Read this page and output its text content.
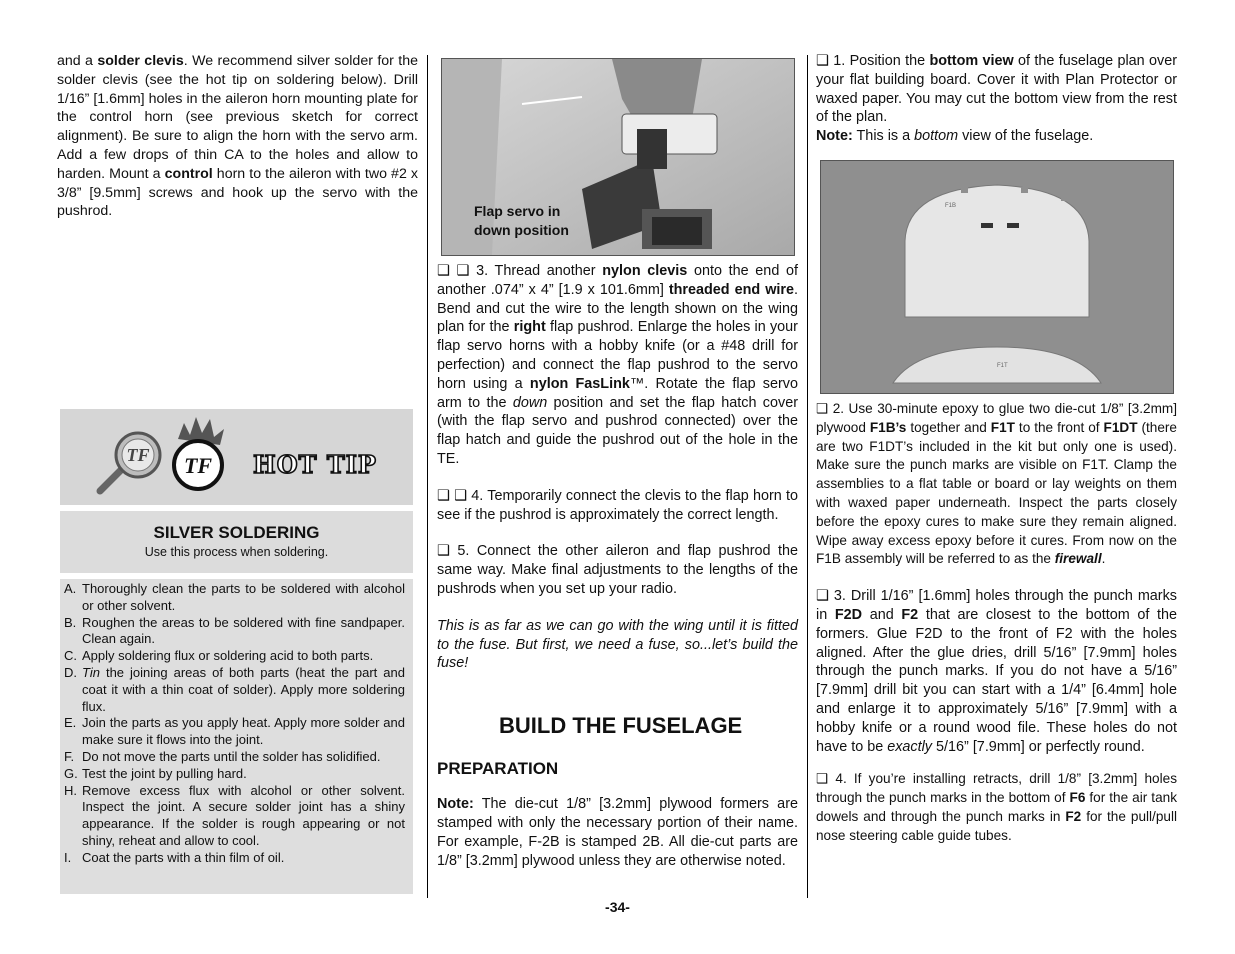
and a solder clevis. We recommend silver solder for the solder clevis (see the hot tip on soldering below). Drill 1/16” [1.6mm] holes in the aileron horn mounting plate for the control horn (see previous sketch for correct alignment). Be sure to align the horn with the servo arm. Add a few drops of thin CA to the holes and allow to harden. Mount a control horn to the aileron with two #2 x 3/8” [9.5mm] screws and hook up the servo with the pushrod.

TF TF HOT TIP
SILVER SOLDERING
Use this process when soldering.
A. Thoroughly clean the parts to be soldered with alcohol or other solvent.
B. Roughen the areas to be soldered with fine sandpaper. Clean again.
C. Apply soldering flux or soldering acid to both parts.
D. Tin the joining areas of both parts (heat the part and coat it with a thin coat of solder). Apply more soldering flux.
E. Join the parts as you apply heat. Apply more solder and make sure it flows into the joint.
F. Do not move the parts until the solder has solidified.
G. Test the joint by pulling hard.
H. Remove excess flux with alcohol or other solvent. Inspect the joint. A secure solder joint has a shiny appearance. If the solder is rough appearing or not shiny, reheat and allow to cool.
I. Coat the parts with a thin film of oil.
Flap servo in
down position

❑ ❑ 3. Thread another nylon clevis onto the end of another .074” x 4” [1.9 x 101.6mm] threaded end wire. Bend and cut the wire to the length shown on the wing plan for the right flap pushrod. Enlarge the holes in your flap servo horns with a hobby knife (or a #48 drill for perfection) and connect the flap pushrod to the servo horn using a nylon FasLink™. Rotate the flap servo arm to the down position and set the flap hatch cover (with the flap servo and pushrod connected) over the flap hatch and guide the pushrod out of the hole in the TE.

❑ ❑ 4. Temporarily connect the clevis to the flap horn to see if the pushrod is approximately the correct length.

❑ 5. Connect the other aileron and flap pushrod the same way. Make final adjustments to the lengths of the pushrods when you set up your radio.

This is as far as we can go with the wing until it is fitted to the fuse. But first, we need a fuse, so...let’s build the fuse!

BUILD THE FUSELAGE
PREPARATION

Note: The die-cut 1/8” [3.2mm] plywood formers are stamped with only the necessary portion of their name. For example, F-2B is stamped 2B. All die-cut parts are 1/8” [3.2mm] plywood unless they are otherwise noted.

❑ 1. Position the bottom view of the fuselage plan over your flat building board. Cover it with Plan Protector or waxed paper. You may cut the bottom view from the rest of the plan.

Note: This is a bottom view of the fuselage.

F1B
F1T

❑ 2. Use 30-minute epoxy to glue two die-cut 1/8” [3.2mm] plywood F1B’s together and F1T to the front of F1DT (there are two F1DT’s included in the kit but only one is used). Make sure the punch marks are visible on F1T. Clamp the assemblies to a flat table or board or lay weights on them with waxed paper underneath. Inspect the parts closely before the epoxy cures to make sure they remain aligned. Wipe away excess epoxy before it cures. From now on the F1B assembly will be referred to as the firewall.

❑ 3. Drill 1/16” [1.6mm] holes through the punch marks in F2D and F2 that are closest to the bottom of the formers. Glue F2D to the front of F2 with the holes aligned. After the glue dries, drill 5/16” [7.9mm] holes through the punch marks. If you do not have a 5/16” [7.9mm] drill bit you can start with a 1/4” [6.4mm] hole and enlarge it to approximately 5/16” [7.9mm] with a hobby knife or a round wood file. These holes do not have to be exactly 5/16” [7.9mm] or perfectly round.

❑ 4. If you’re installing retracts, drill 1/8” [3.2mm] holes through the punch marks in the bottom of F6 for the air tank dowels and through the punch marks in F2 for the pull/pull nose steering cable guide tubes.

-34-
